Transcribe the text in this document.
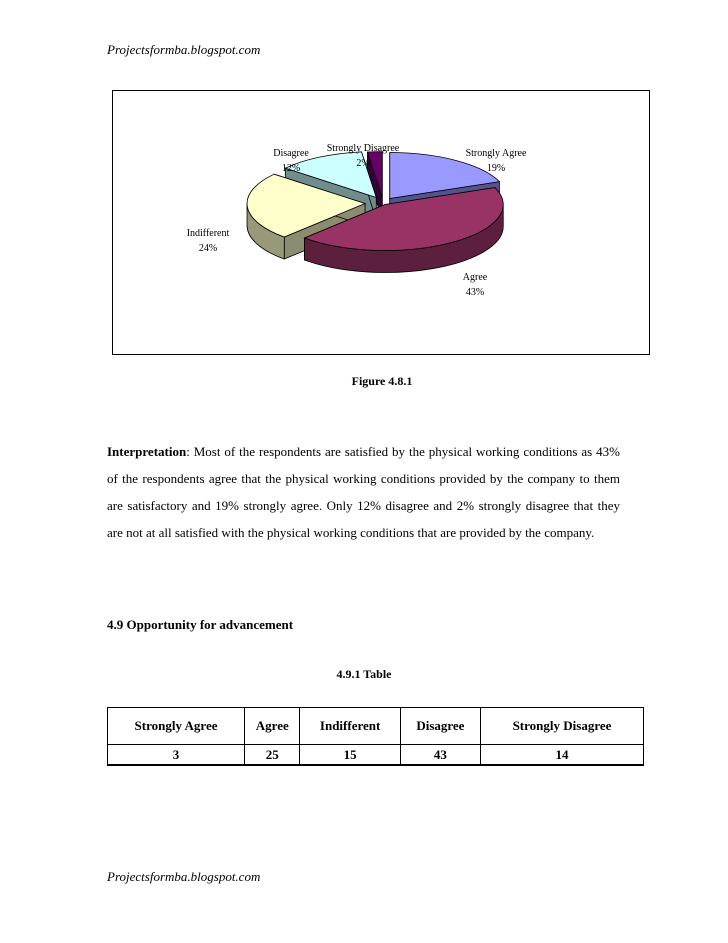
Projectsformba.blogspot.com
Strongly Agree
19%
Agree
43%
Indifferent
24%
Disagree
12%
Strongly Disagree
2%
Figure 4.8.1
Interpretation: Most of the respondents are satisfied by the physical working conditions as 43% of the respondents agree that the physical working conditions provided by the company to them are satisfactory and 19% strongly agree. Only 12% disagree and 2% strongly disagree that they are not at all satisfied with the physical working conditions that are provided by the company.
4.9 Opportunity for advancement
4.9.1 Table
Strongly Agree	Agree	Indifferent	Disagree	Strongly Disagree
3	25	15	43	14
Projectsformba.blogspot.com
